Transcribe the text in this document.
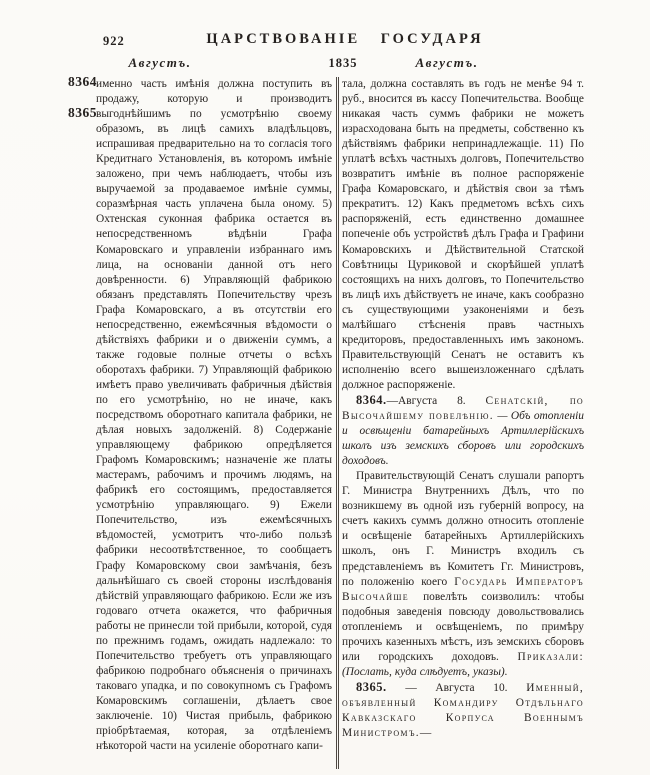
922	ЦАРСТВОВАНІЕ ГОСУДАРЯ
Августъ.	1835	Августъ.
8364
8365

именно часть имѣнія должна поступить въ продажу, которую и производитъ выгоднѣйшимъ по усмотрѣнію своему образомъ, въ лицѣ самихъ владѣльцовъ, испрашивая предварительно на то согласія того Кредитнаго Установленія, въ которомъ имѣніе заложено, при чемъ наблюдаетъ, чтобы изъ выручаемой за продаваемое имѣніе суммы, соразмѣрная часть уплачена была оному. 5) Охтенская суконная фабрика остается въ непосредственномъ вѣдѣніи Графа Комаровскаго и управленіи избраннаго имъ лица, на основаніи данной отъ него довѣренности. 6) Управляющій фабрикою обязанъ представлять Попечительству чрезъ Графа Комаровскаго, а въ отсутствіи его непосредственно, ежемѣсячныя вѣдомости о дѣйствіяхъ фабрики и о движеніи суммъ, а также годовые полные отчеты о всѣхъ оборотахъ фабрики. 7) Управляющій фабрикою имѣетъ право увеличивать фабричныя дѣйствія по его усмотрѣнію, но не иначе, какъ посредствомъ оборотнаго капитала фабрики, не дѣлая новыхъ задолженій. 8) Содержаніе управляющему фабрикою опредѣляется Графомъ Комаровскимъ; назначеніе же платы мастерамъ, рабочимъ и прочимъ людямъ, на фабрикѣ его состоящимъ, предоставляется усмотрѣнію управляющаго. 9) Ежели Попечительство, изъ ежемѣсячныхъ вѣдомостей, усмотритъ что-либо пользѣ фабрики несоотвѣтственное, то сообщаетъ Графу Комаровскому свои замѣчанія, безъ дальнѣйшаго съ своей стороны изслѣдованія дѣйствій управляющаго фабрикою. Если же изъ годоваго отчета окажется, что фабричныя работы не принесли той прибыли, которой, судя по прежнимъ годамъ, ожидать надлежало: то Попечительство требуетъ отъ управляющаго фабрикою подробнаго объясненія о причинахъ таковаго упадка, и по совокупномъ съ Графомъ Комаровскимъ соглашеніи, дѣлаетъ свое заключеніе. 10) Чистая прибыль, фабрикою пріобрѣтаемая, которая, за отдѣленіемъ нѣкоторой части на усиленіе оборотнаго капи-

тала, должна составлять въ годъ не менѣе 94 т. руб., вносится въ кассу Попечительства. Вообще никакая часть суммъ фабрики не можетъ израсходована быть на предметы, собственно къ дѣйствіямъ фабрики непринадлежащіе. 11) По уплатѣ всѣхъ частныхъ долговъ, Попечительство возвратитъ имѣніе въ полное распоряженіе Графа Комаровскаго, и дѣйствія свои за тѣмъ прекратитъ. 12) Какъ предметомъ всѣхъ сихъ распоряженій, есть единственно домашнее попеченіе объ устройствѣ дѣлъ Графа и Графини Комаровскихъ и Дѣйствительной Статской Совѣтницы Цуриковой и скорѣйшей уплатѣ состоящихъ на нихъ долговъ, то Попечительство въ лицѣ ихъ дѣйствуетъ не иначе, какъ сообразно съ существующими узаконеніями и безъ малѣйшаго стѣсненія правъ частныхъ кредиторовъ, предоставленныхъ имъ закономъ. Правительствующій Сенатъ не оставитъ къ исполненію всего вышеизложеннаго сдѣлать должное распоряженіе.

8364.—Августа 8. Сенатскій, по Высочайшему повелѣнію. — Объ отопленіи и освѣщеніи батарейныхъ Артиллерійскихъ школъ изъ земскихъ сборовъ или городскихъ доходовъ.

Правительствующій Сенатъ слушали рапортъ Г. Министра Внутреннихъ Дѣлъ, что по возникшему въ одной изъ губерній вопросу, на счетъ какихъ суммъ должно относить отопленіе и освѣщеніе батарейныхъ Артиллерійскихъ школъ, онъ Г. Министръ входилъ съ представленіемъ въ Комитетъ Гг. Министровъ, по положенію коего Государь Императоръ Высочайше повелѣть соизволилъ: чтобы подобныя заведенія повсюду довольствовались отопленіемъ и освѣщеніемъ, по примѣру прочихъ казенныхъ мѣстъ, изъ земскихъ сборовъ или городскихъ доходовъ. Приказали: (Послать, куда слѣдуетъ, указы).

8365. — Августа 10. Именный, объявленный Командиру Отдѣльнаго Кавказскаго Корпуса Военнымъ Министромъ.—
